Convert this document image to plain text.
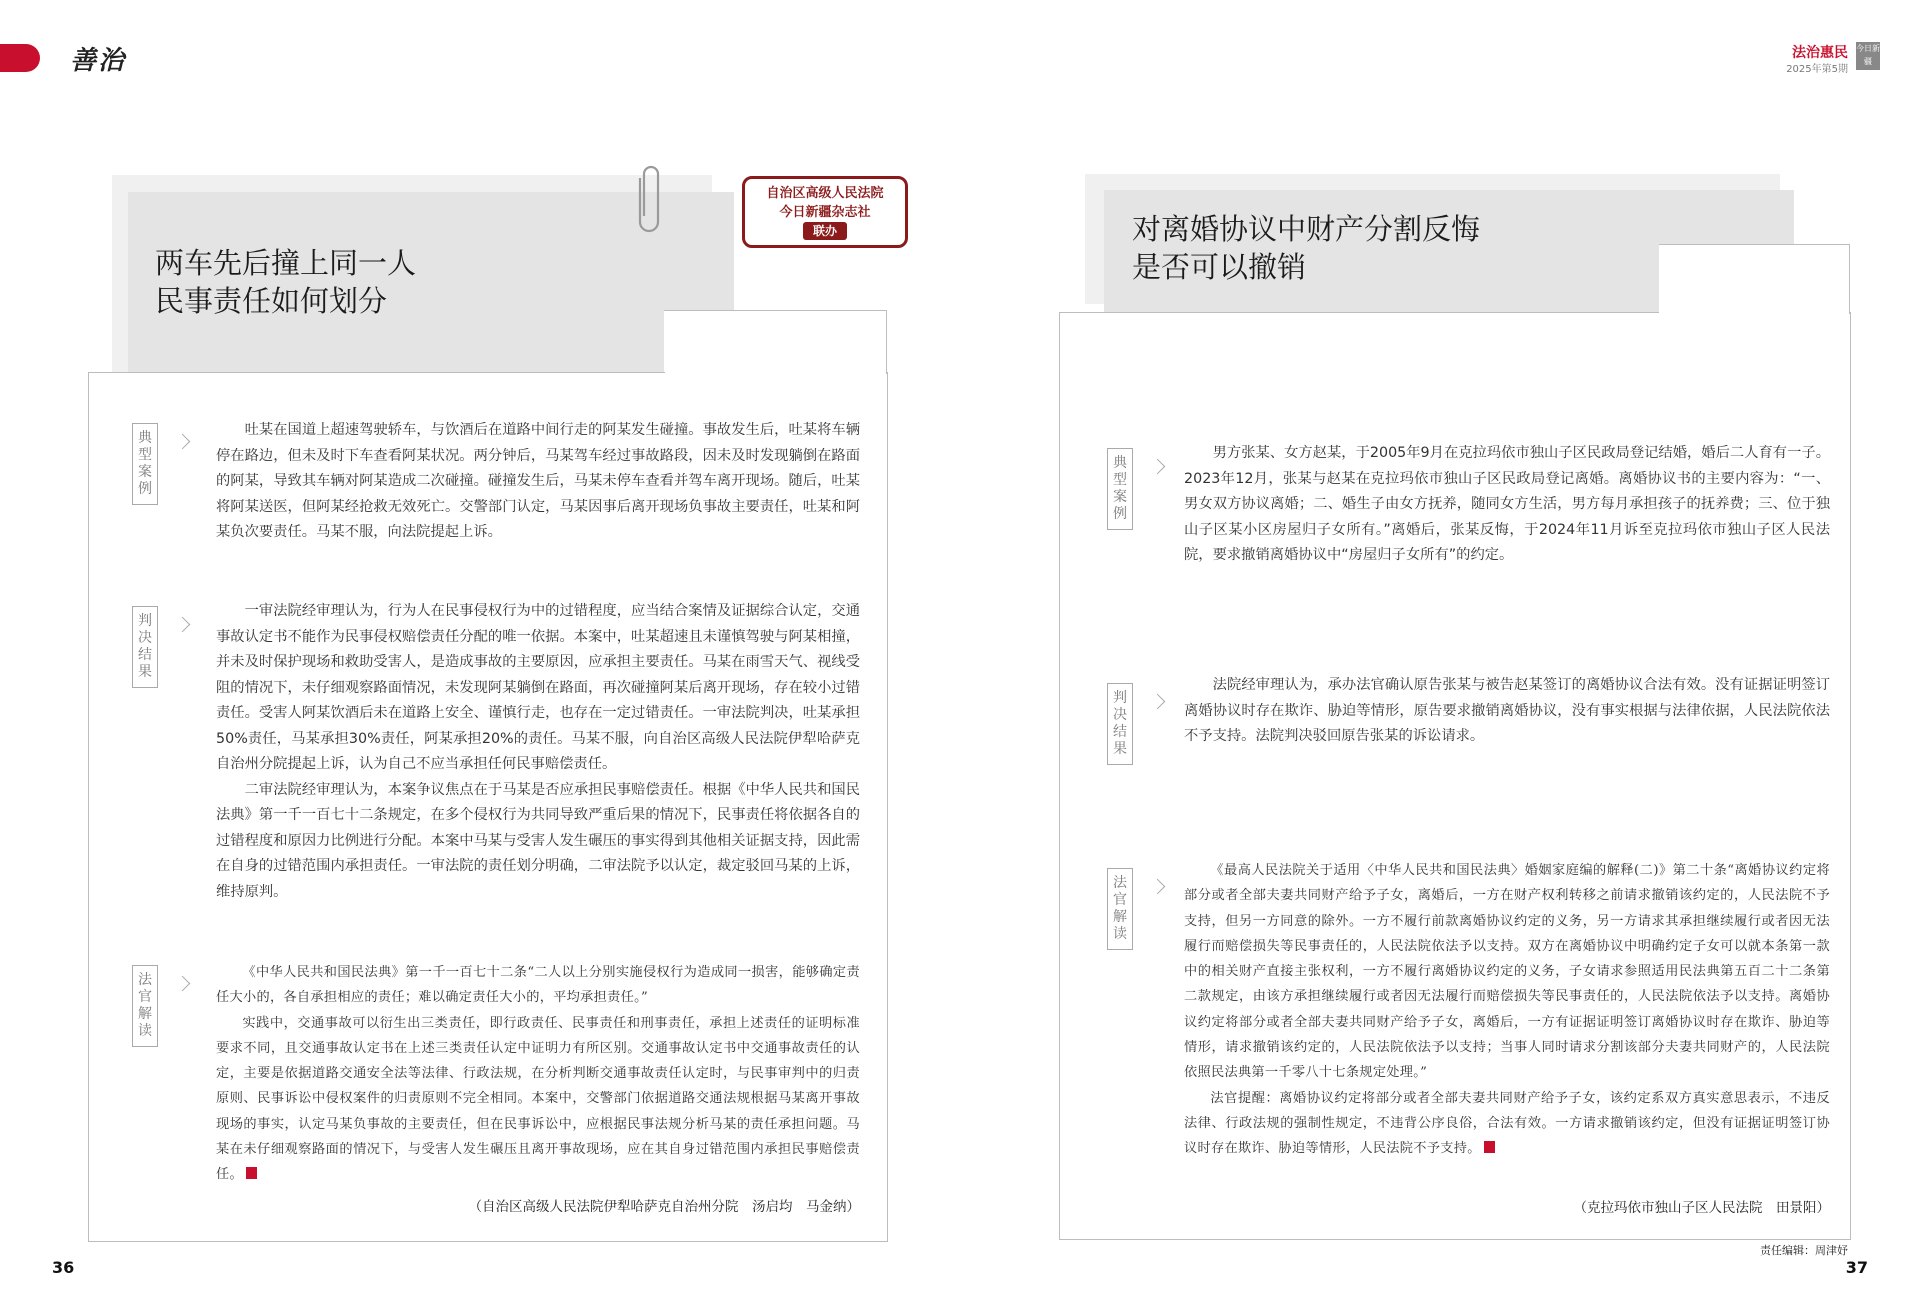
善治	今日新疆
法治惠民
2025年第5期
两车先后撞上同一人
民事责任如何划分
自治区高级人民法院
今日新疆杂志社
联办
典型案例

吐某在国道上超速驾驶轿车，与饮酒后在道路中间行走的阿某发生碰撞。事故发生后，吐某将车辆停在路边，但未及时下车查看阿某状况。两分钟后，马某驾车经过事故路段，因未及时发现躺倒在路面的阿某，导致其车辆对阿某造成二次碰撞。碰撞发生后，马某未停车查看并驾车离开现场。随后，吐某将阿某送医，但阿某经抢救无效死亡。交警部门认定，马某因事后离开现场负事故主要责任，吐某和阿某负次要责任。马某不服，向法院提起上诉。

判决结果

一审法院经审理认为，行为人在民事侵权行为中的过错程度，应当结合案情及证据综合认定，交通事故认定书不能作为民事侵权赔偿责任分配的唯一依据。本案中，吐某超速且未谨慎驾驶与阿某相撞，并未及时保护现场和救助受害人，是造成事故的主要原因，应承担主要责任。马某在雨雪天气、视线受阻的情况下，未仔细观察路面情况，未发现阿某躺倒在路面，再次碰撞阿某后离开现场，存在较小过错责任。受害人阿某饮酒后未在道路上安全、谨慎行走，也存在一定过错责任。一审法院判决，吐某承担50%责任，马某承担30%责任，阿某承担20%的责任。马某不服，向自治区高级人民法院伊犁哈萨克自治州分院提起上诉，认为自己不应当承担任何民事赔偿责任。

二审法院经审理认为，本案争议焦点在于马某是否应承担民事赔偿责任。根据《中华人民共和国民法典》第一千一百七十二条规定，在多个侵权行为共同导致严重后果的情况下，民事责任将依据各自的过错程度和原因力比例进行分配。本案中马某与受害人发生碾压的事实得到其他相关证据支持，因此需在自身的过错范围内承担责任。一审法院的责任划分明确，二审法院予以认定，裁定驳回马某的上诉，维持原判。

法官解读

《中华人民共和国民法典》第一千一百七十二条“二人以上分别实施侵权行为造成同一损害，能够确定责任大小的，各自承担相应的责任；难以确定责任大小的，平均承担责任。”

实践中，交通事故可以衍生出三类责任，即行政责任、民事责任和刑事责任，承担上述责任的证明标准要求不同，且交通事故认定书在上述三类责任认定中证明力有所区别。交通事故认定书中交通事故责任的认定，主要是依据道路交通安全法等法律、行政法规，在分析判断交通事故责任认定时，与民事审判中的归责原则、民事诉讼中侵权案件的归责原则不完全相同。本案中，交警部门依据道路交通法规根据马某离开事故现场的事实，认定马某负事故的主要责任，但在民事诉讼中，应根据民事法规分析马某的责任承担问题。马某在未仔细观察路面的情况下，与受害人发生碾压且离开事故现场，应在其自身过错范围内承担民事赔偿责任。

（自治区高级人民法院伊犁哈萨克自治州分院　汤启均　马金纳）
36
对离婚协议中财产分割反悔
是否可以撤销
典型案例

男方张某、女方赵某，于2005年9月在克拉玛依市独山子区民政局登记结婚，婚后二人育有一子。2023年12月，张某与赵某在克拉玛依市独山子区民政局登记离婚。离婚协议书的主要内容为：“一、男女双方协议离婚；二、婚生子由女方抚养，随同女方生活，男方每月承担孩子的抚养费；三、位于独山子区某小区房屋归子女所有。”离婚后，张某反悔，于2024年11月诉至克拉玛依市独山子区人民法院，要求撤销离婚协议中“房屋归子女所有”的约定。

判决结果

法院经审理认为，承办法官确认原告张某与被告赵某签订的离婚协议合法有效。没有证据证明签订离婚协议时存在欺诈、胁迫等情形，原告要求撤销离婚协议，没有事实根据与法律依据，人民法院依法不予支持。法院判决驳回原告张某的诉讼请求。

法官解读

《最高人民法院关于适用〈中华人民共和国民法典〉婚姻家庭编的解释(二)》第二十条“离婚协议约定将部分或者全部夫妻共同财产给予子女，离婚后，一方在财产权利转移之前请求撤销该约定的，人民法院不予支持，但另一方同意的除外。一方不履行前款离婚协议约定的义务，另一方请求其承担继续履行或者因无法履行而赔偿损失等民事责任的，人民法院依法予以支持。双方在离婚协议中明确约定子女可以就本条第一款中的相关财产直接主张权利，一方不履行离婚协议约定的义务，子女请求参照适用民法典第五百二十二条第二款规定，由该方承担继续履行或者因无法履行而赔偿损失等民事责任的，人民法院依法予以支持。离婚协议约定将部分或者全部夫妻共同财产给予子女，离婚后，一方有证据证明签订离婚协议时存在欺诈、胁迫等情形，请求撤销该约定的，人民法院依法予以支持；当事人同时请求分割该部分夫妻共同财产的，人民法院依照民法典第一千零八十七条规定处理。”

法官提醒：离婚协议约定将部分或者全部夫妻共同财产给予子女，该约定系双方真实意思表示，不违反法律、行政法规的强制性规定，不违背公序良俗，合法有效。一方请求撤销该约定，但没有证据证明签订协议时存在欺诈、胁迫等情形，人民法院不予支持。

（克拉玛依市独山子区人民法院　田景阳）
责任编辑：周津妤
37
